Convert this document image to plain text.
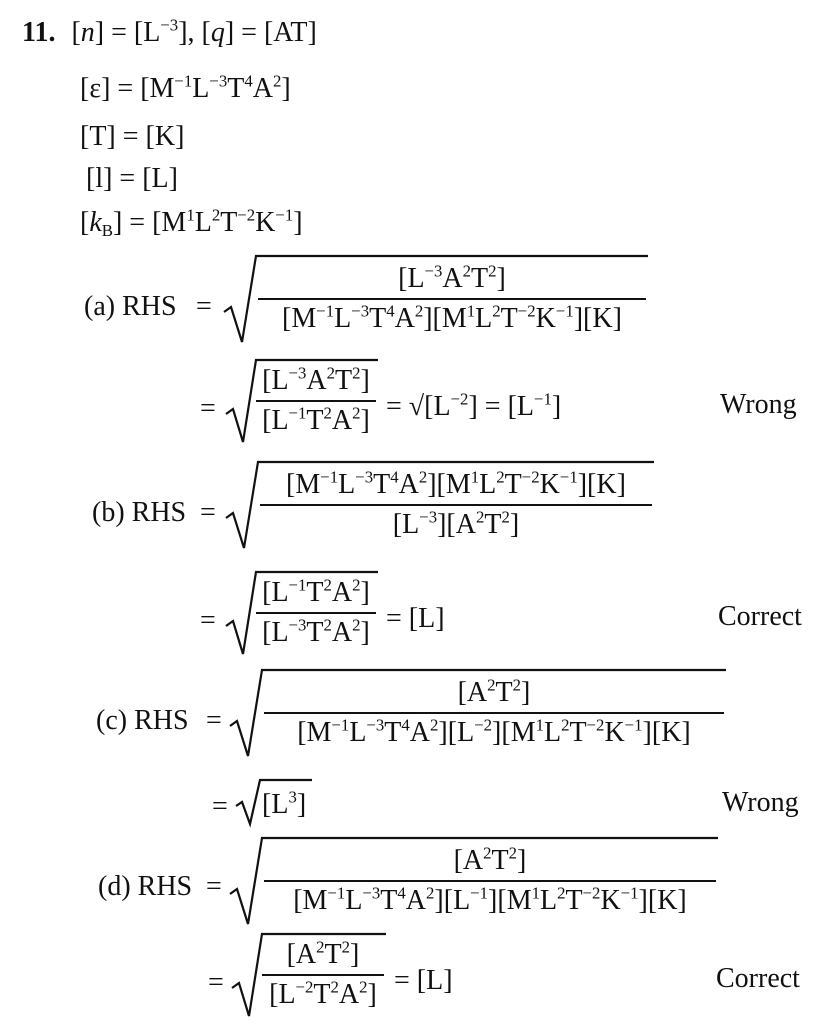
11. $[n] = [L^{-3}]$, [q] = [AT]
$[\varepsilon] = [M^{-1}L^{-3}T^4A^2]$
[T] = [K]
[l] = [L]
$[k_B] = [M^1L^2T^{-2}K^{-1}]$
(a) RHS =
$[L^{-3}A^2T^2]$
$[M^{-1}L^{-3}T^4A^2][M^1L^2T^{-2}K^{-1}][K]$
=
$[L^{-3}A^2T^2]$
$[L^{-1}T^2A^2] = √[L^{-2}] = [L^{-1}]$	Wrong
(b) RHS =
$[M^{-1}L^{-3}T^4A^2][M^1L^2T^{-2}K^{-1}][K]$
$[L^{-3}][A^2T^2]$
=
$[L^{-1}T^2A^2]$
$[L^{-3}T^2A^2] = [L]$	Correct
(c) RHS =
$[A^2T^2]$
$[M^{-1}L^{-3}T^4A^2][L^{-2}][M^1L^2T^{-2}K^{-1}][K]$
= $[L^3]$	Wrong
(d) RHS =
$[A^2T^2]$
$[M^{-1}L^{-3}T^4A^2][L^{-1}][M^1L^2T^{-2}K^{-1}][K]$
=
$[A^2T^2]$
$[L^{-2}T^2A^2] = [L]$	Correct
